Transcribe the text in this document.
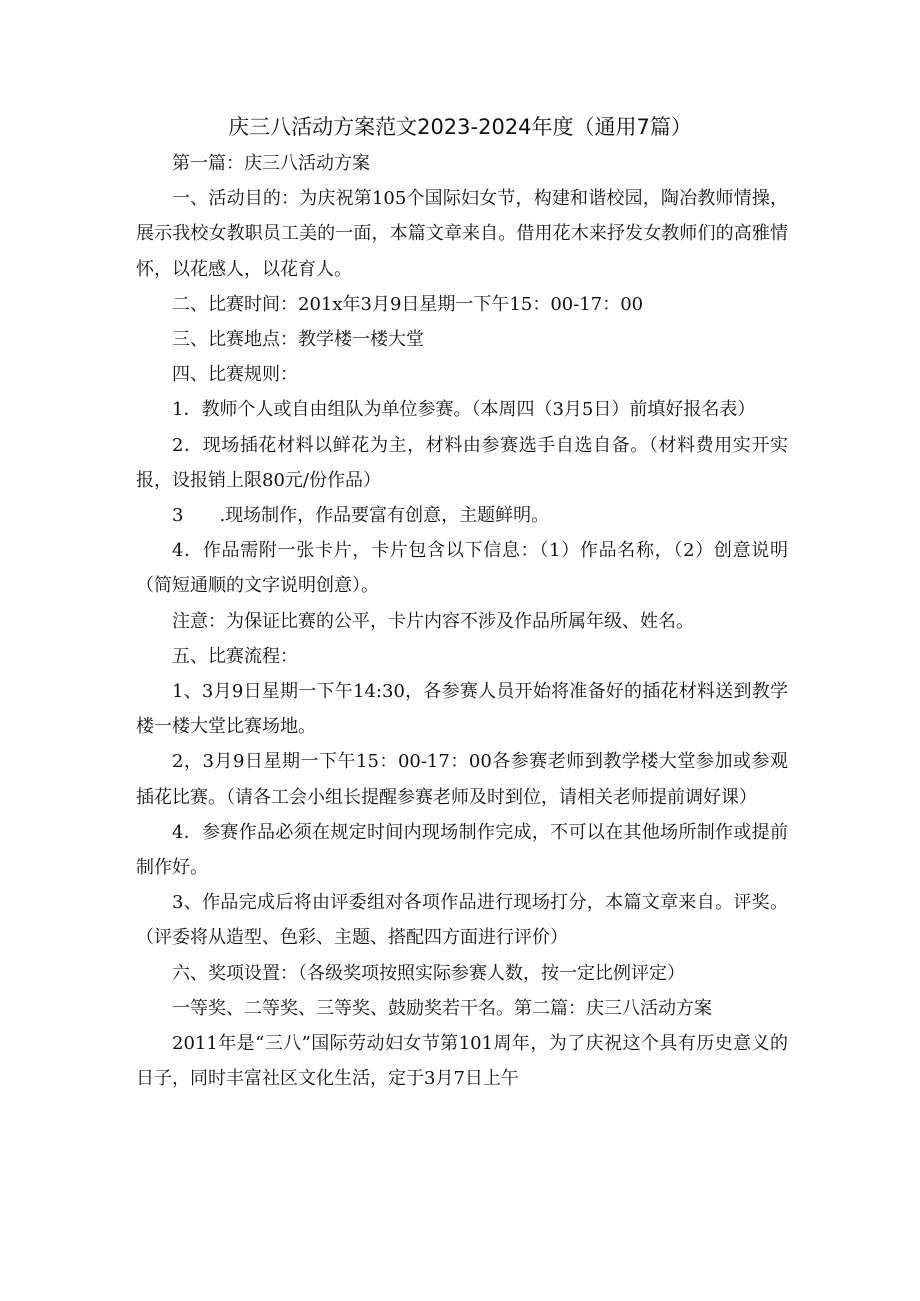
庆三八活动方案范文2023-2024年度（通用7篇）

第一篇：庆三八活动方案

一、活动目的：为庆祝第105个国际妇女节，构建和谐校园，陶冶教师情操，展示我校女教职员工美的一面，本篇文章来自。借用花木来抒发女教师们的高雅情怀，以花感人，以花育人。

二、比赛时间：201x年3月9日星期一下午15：00-17：00

三、比赛地点：教学楼一楼大堂

四、比赛规则：

1．教师个人或自由组队为单位参赛。（本周四（3月5日）前填好报名表）

2．现场插花材料以鲜花为主，材料由参赛选手自选自备。（材料费用实开实报，设报销上限80元/份作品）

3　　.现场制作，作品要富有创意，主题鲜明。

4．作品需附一张卡片，卡片包含以下信息：（1）作品名称，（2）创意说明（简短通顺的文字说明创意）。

注意：为保证比赛的公平，卡片内容不涉及作品所属年级、姓名。

五、比赛流程：

1、3月9日星期一下午14:30，各参赛人员开始将准备好的插花材料送到教学楼一楼大堂比赛场地。

2，3月9日星期一下午15：00-17：00各参赛老师到教学楼大堂参加或参观插花比赛。（请各工会小组长提醒参赛老师及时到位，请相关老师提前调好课）

4．参赛作品必须在规定时间内现场制作完成，不可以在其他场所制作或提前制作好。

3、作品完成后将由评委组对各项作品进行现场打分，本篇文章来自。评奖。（评委将从造型、色彩、主题、搭配四方面进行评价）

六、奖项设置：（各级奖项按照实际参赛人数，按一定比例评定）

一等奖、二等奖、三等奖、鼓励奖若干名。第二篇：庆三八活动方案

2011年是“三八”国际劳动妇女节第101周年，为了庆祝这个具有历史意义的日子，同时丰富社区文化生活，定于3月7日上午
